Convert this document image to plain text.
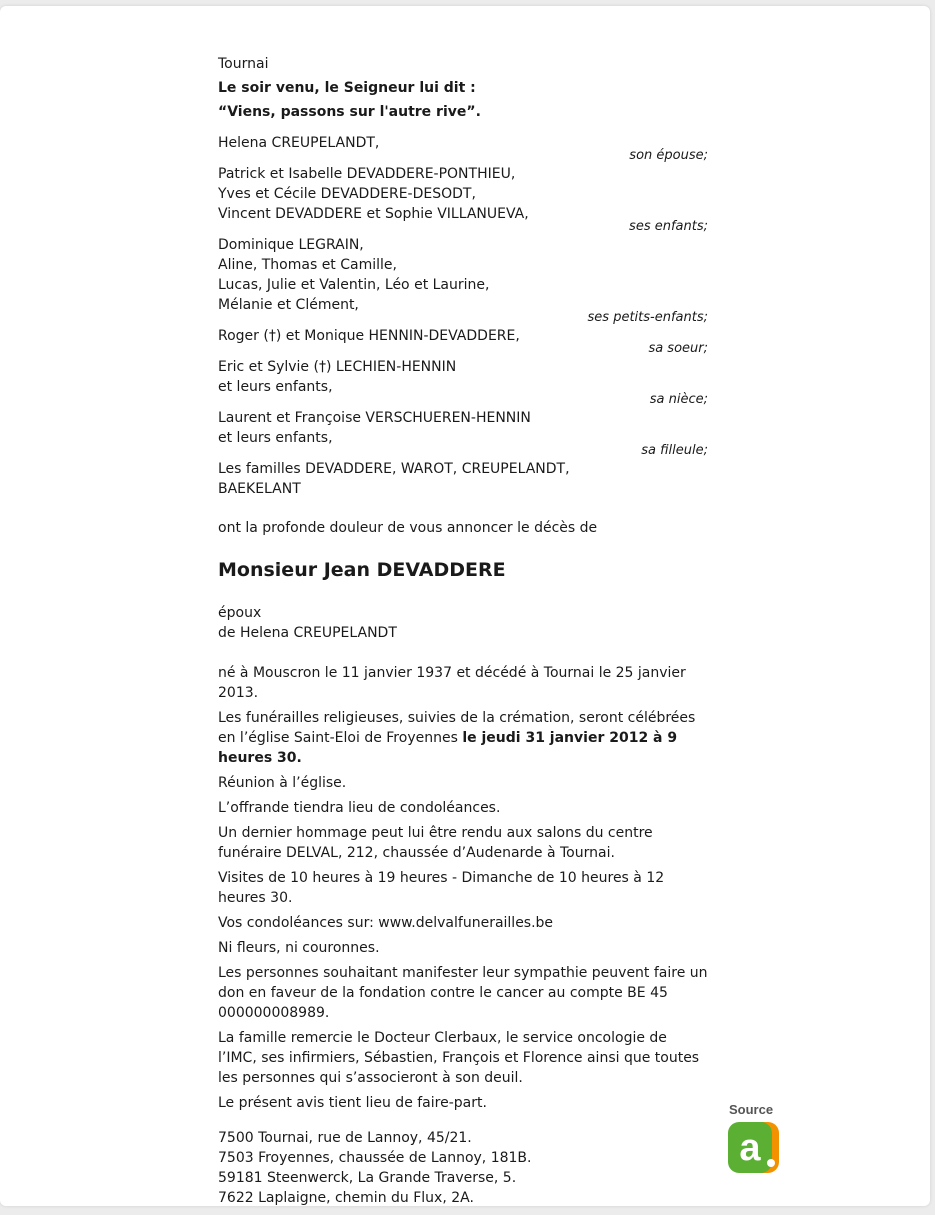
Tournai

Le soir venu, le Seigneur lui dit :

“Viens, passons sur l'autre rive”.

Helena CREUPELANDT,

son épouse;

Patrick et Isabelle DEVADDERE-PONTHIEU,

Yves et Cécile DEVADDERE-DESODT,

Vincent DEVADDERE et Sophie VILLANUEVA,

ses enfants;

Dominique LEGRAIN,

Aline, Thomas et Camille,

Lucas, Julie et Valentin, Léo et Laurine,

Mélanie et Clément,

ses petits-enfants;

Roger (†) et Monique HENNIN-DEVADDERE,

sa soeur;

Eric et Sylvie (†) LECHIEN-HENNIN

et leurs enfants,

sa nièce;

Laurent et Françoise VERSCHUEREN-HENNIN

et leurs enfants,

sa filleule;

Les familles DEVADDERE, WAROT, CREUPELANDT,

BAEKELANT

ont la profonde douleur de vous annoncer le décès de

Monsieur Jean DEVADDERE

époux

de Helena CREUPELANDT

né à Mouscron le 11 janvier 1937 et décédé à Tournai le 25 janvier 2013.

Les funérailles religieuses, suivies de la crémation, seront célébrées en l’église Saint-Eloi de Froyennes le jeudi 31 janvier 2012 à 9 heures 30.

Réunion à l’église.

L’offrande tiendra lieu de condoléances.

Un dernier hommage peut lui être rendu aux salons du centre funéraire DELVAL, 212, chaussée d’Audenarde à Tournai.

Visites de 10 heures à 19 heures - Dimanche de 10 heures à 12 heures 30.

Vos condoléances sur: www.delvalfunerailles.be

Ni fleurs, ni couronnes.

Les personnes souhaitant manifester leur sympathie peuvent faire un don en faveur de la fondation contre le cancer au compte BE 45 000000008989.

La famille remercie le Docteur Clerbaux, le service oncologie de l’IMC, ses infirmiers, Sébastien, François et Florence ainsi que toutes les personnes qui s’associeront à son deuil.

Le présent avis tient lieu de faire-part.

7500 Tournai, rue de Lannoy, 45/21.

7503 Froyennes, chaussée de Lannoy, 181B.

59181 Steenwerck, La Grande Traverse, 5.

7622 Laplaigne, chemin du Flux, 2A.

Source
a
